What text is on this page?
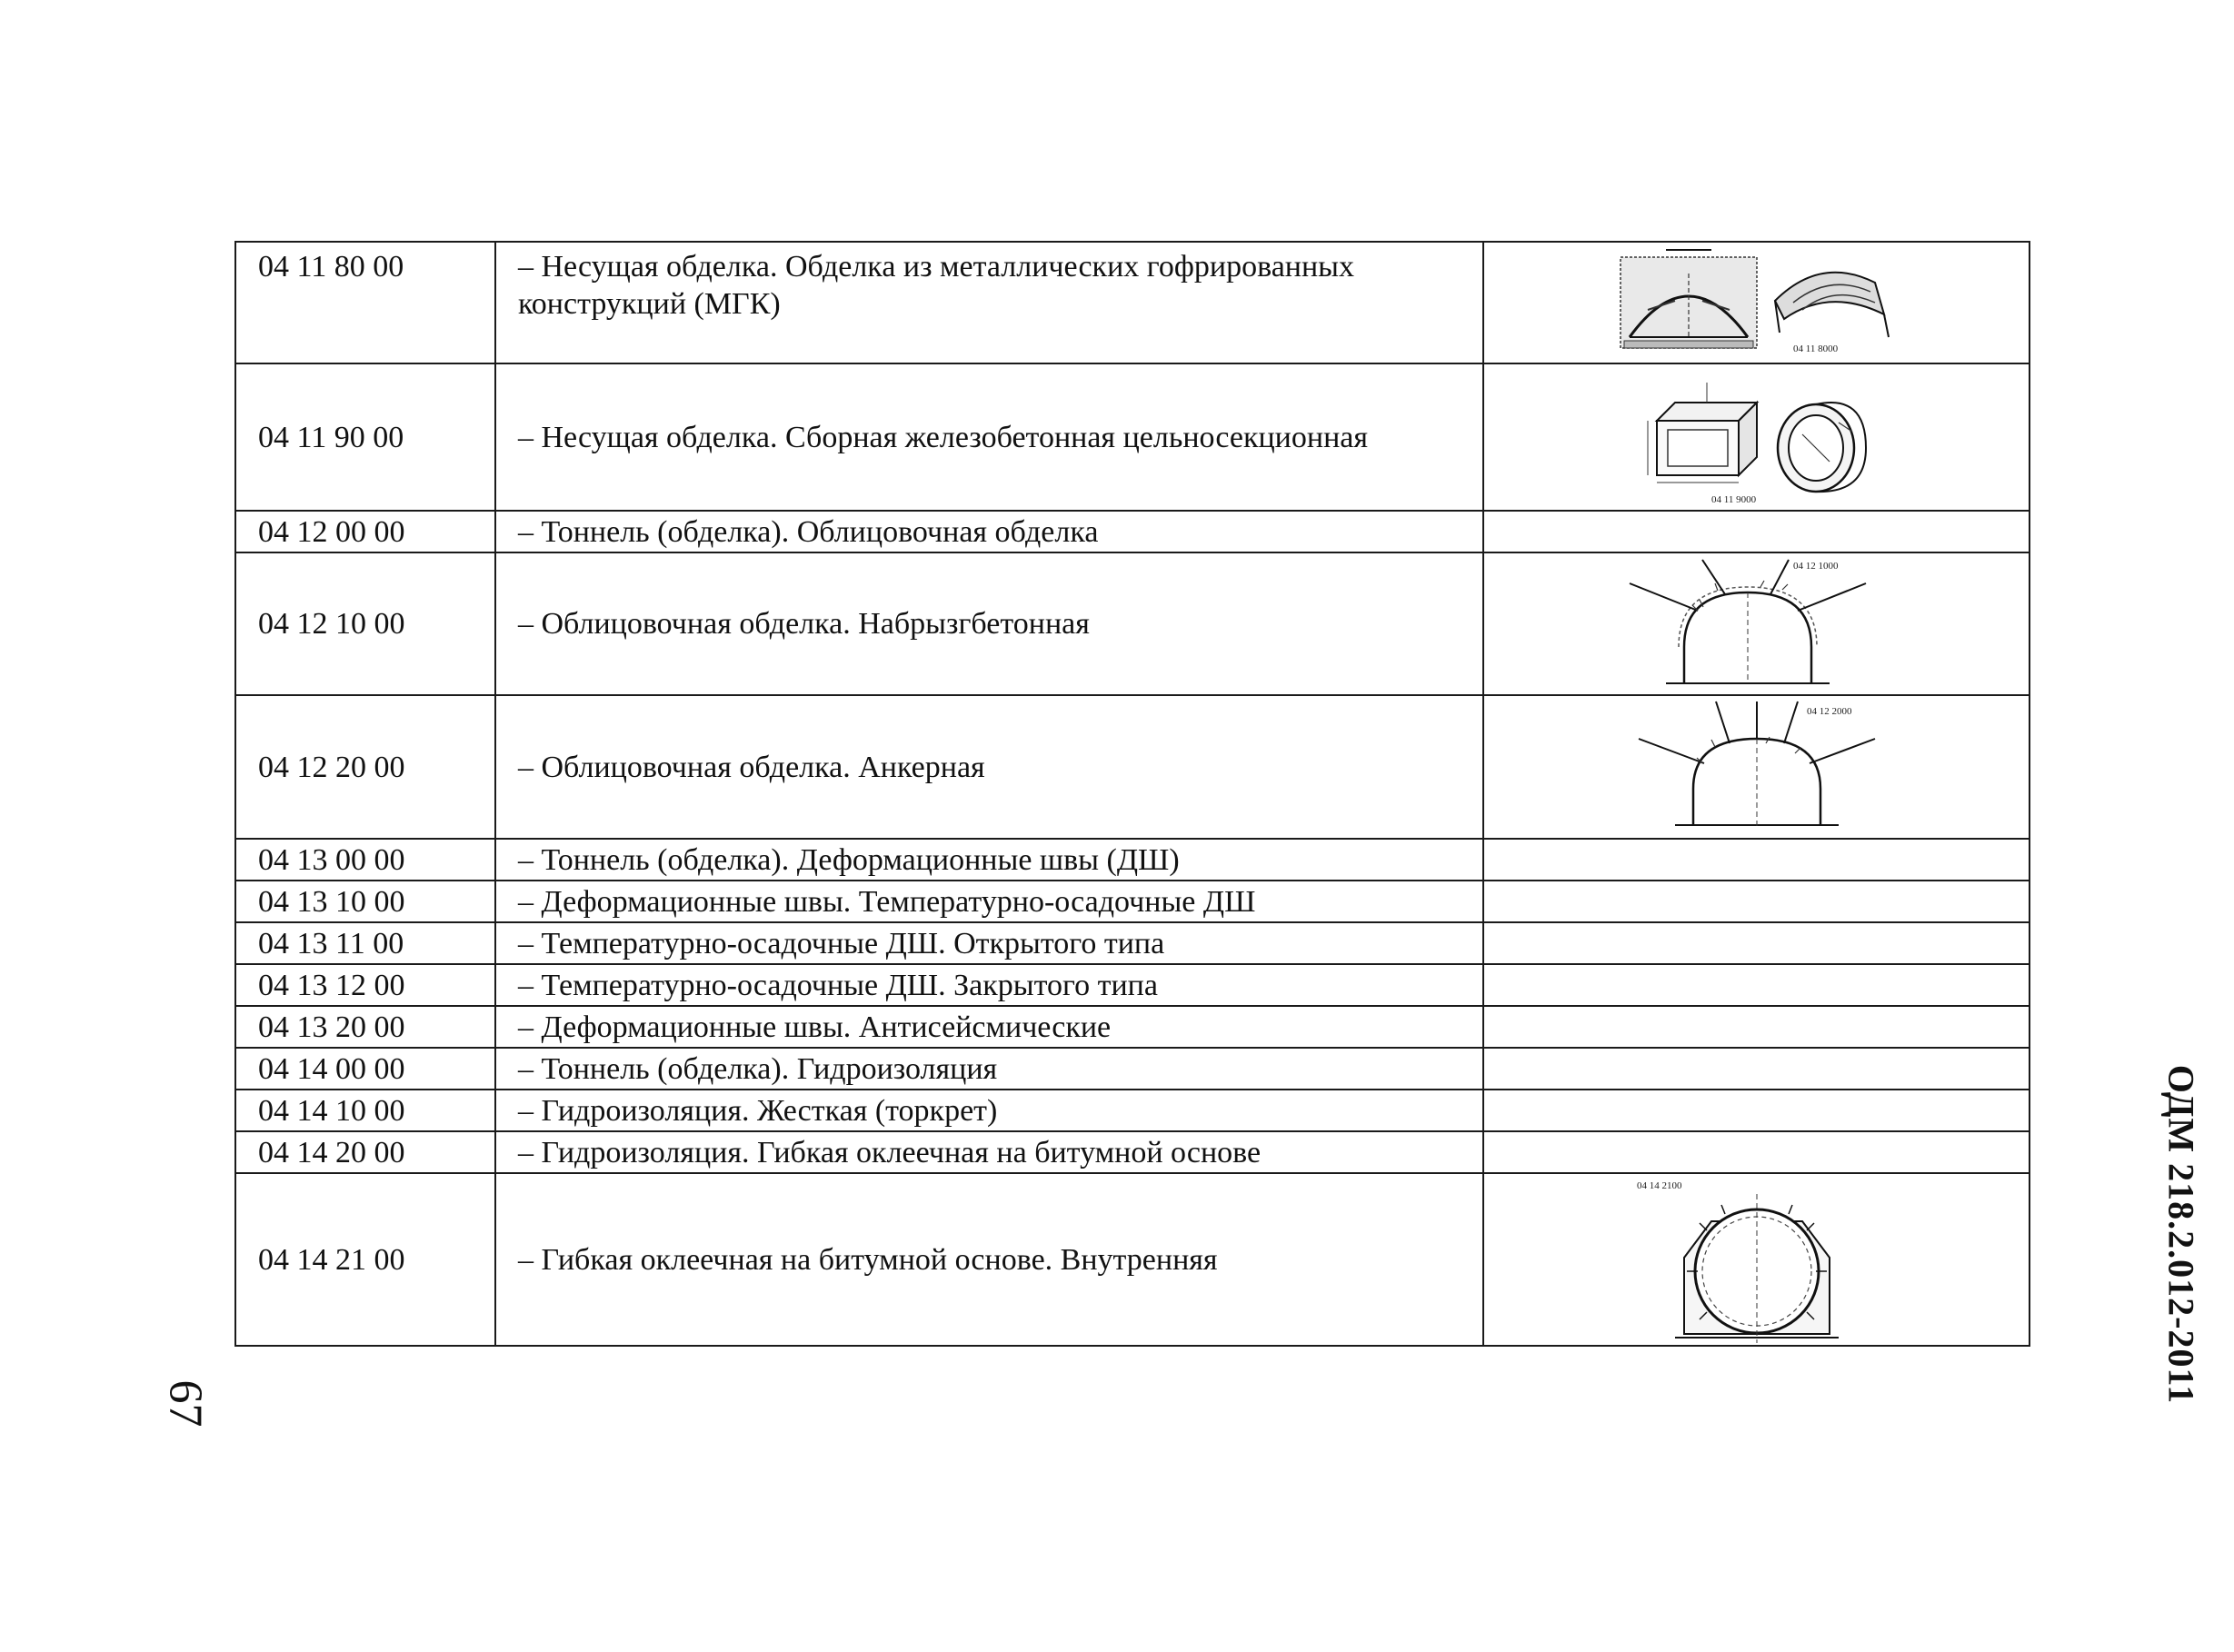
04 11 80 00	– Несущая обделка. Обделка из металлических гофрированных конструкций (МГК)	04 11 8000

04 11 90 00	– Несущая обделка. Сборная железобетонная цельносекционная	04 11 9000

04 12 00 00	– Тоннель (обделка). Облицовочная обделка	
04 12 10 00	– Облицовочная обделка. Набрызгбетонная	04 12 1000

04 12 20 00	– Облицовочная обделка. Анкерная	04 12 2000

04 13 00 00	– Тоннель (обделка). Деформационные швы (ДШ)	
04 13 10 00	– Деформационные швы. Температурно-осадочные ДШ	
04 13 11 00	– Температурно-осадочные ДШ. Открытого типа	
04 13 12 00	– Температурно-осадочные ДШ. Закрытого типа	
04 13 20 00	– Деформационные швы. Антисейсмические	
04 14 00 00	– Тоннель (обделка). Гидроизоляция	
04 14 10 00	– Гидроизоляция. Жесткая (торкрет)	
04 14 20 00	– Гидроизоляция. Гибкая оклеечная на битумной основе	
04 14 21 00	– Гибкая оклеечная на битумной основе. Внутренняя	04 14 2100
67	ОДМ 218.2.012-2011
